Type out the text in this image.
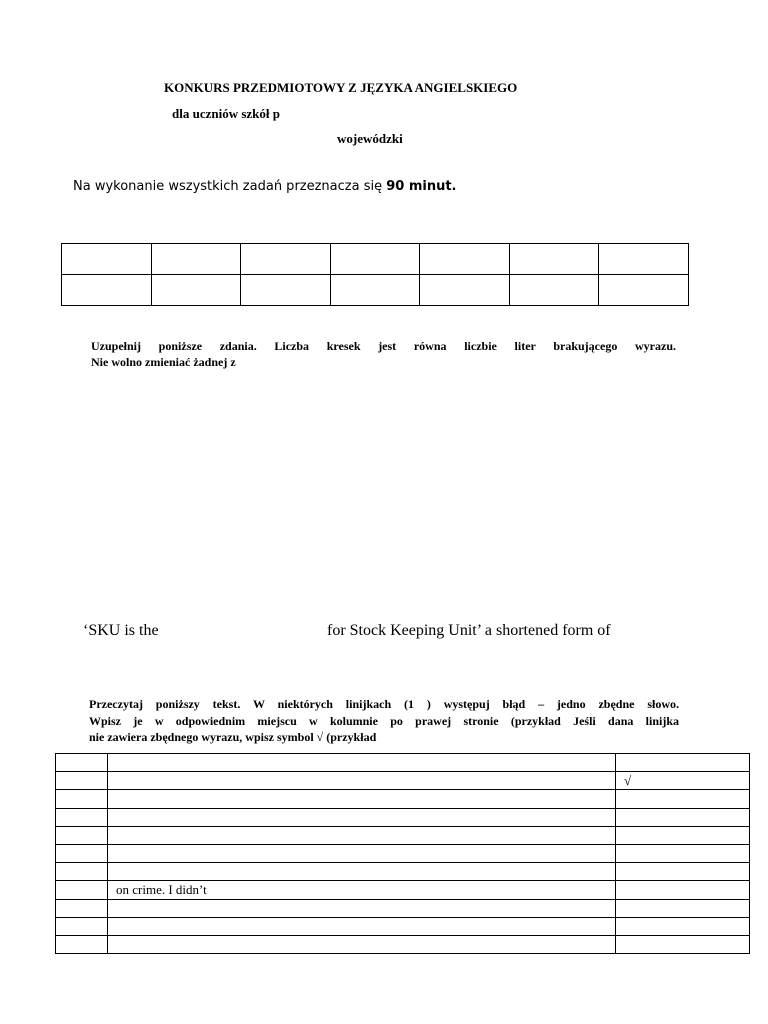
KONKURS PRZEDMIOTOWY Z JĘZYKA ANGIELSKIEGO
dla uczniów szkół p
wojewódzki
Na wykonanie wszystkich zadań przeznacza się 90 minut.

Uzupełnij poniższe zdania. Liczba kresek jest równa liczbie liter brakującego wyrazu.
Nie wolno zmieniać żadnej z
‘SKU is the	for Stock Keeping Unit’ a shortened form of
Przeczytaj poniższy tekst. W niektórych linijkach (1 ) występuj błąd – jedno zbędne słowo.
Wpisz je w odpowiednim miejscu w kolumnie po prawej stronie (przykład Jeśli dana linijka
nie zawiera zbędnego wyrazu, wpisz symbol √ (przykład

		√

	on crime. I didn’t	
